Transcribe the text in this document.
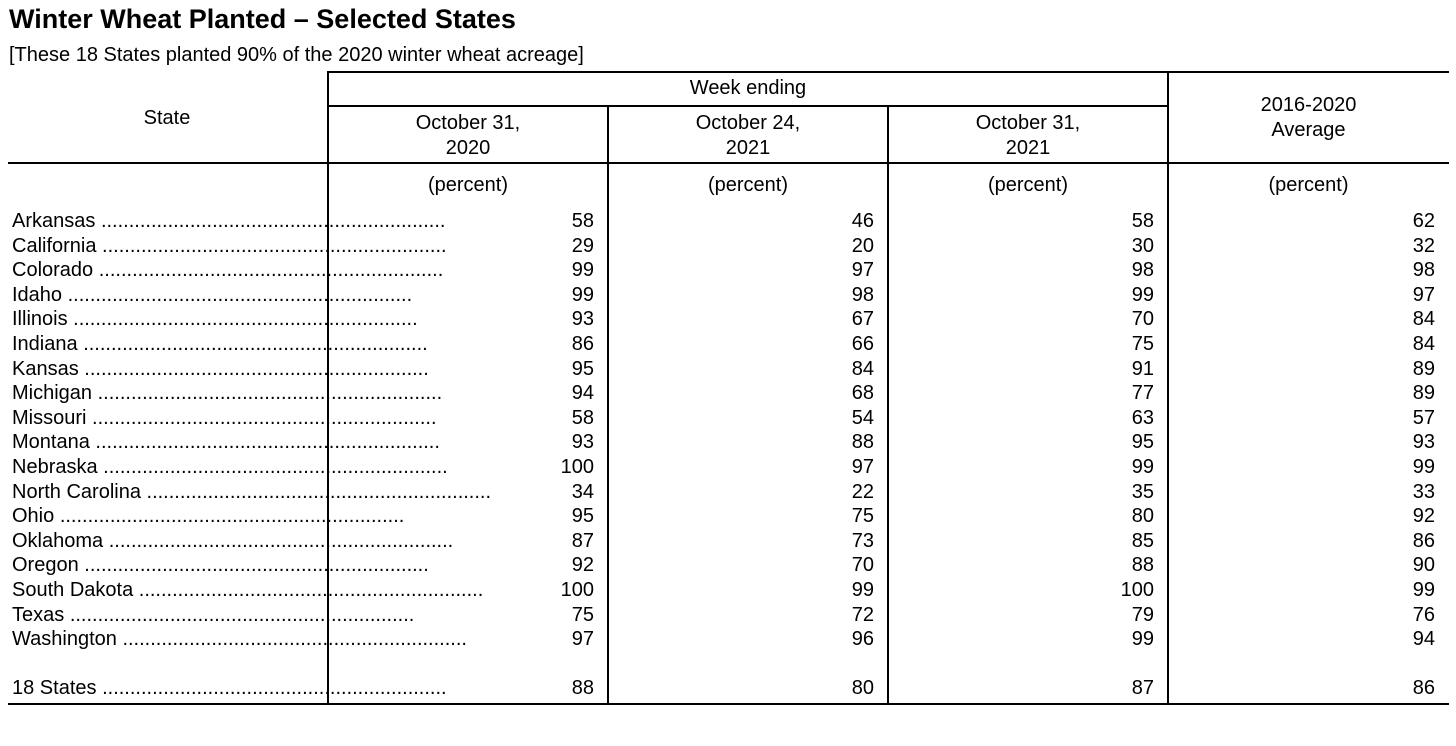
Winter Wheat Planted – Selected States
[These 18 States planted 90% of the 2020 winter wheat acreage]
State
Week ending
October 31,
2020
October 24,
2021
October 31,
2021
2016-2020
Average
(percent)	(percent)	(percent)	(percent)
Arkansas ..............................................................	58	46	58	62
California ..............................................................	29	20	30	32
Colorado ..............................................................	99	97	98	98
Idaho ..............................................................	99	98	99	97
Illinois ..............................................................	93	67	70	84
Indiana ..............................................................	86	66	75	84
Kansas ..............................................................	95	84	91	89
Michigan ..............................................................	94	68	77	89
Missouri ..............................................................	58	54	63	57
Montana ..............................................................	93	88	95	93
Nebraska ..............................................................	100	97	99	99
North Carolina ..............................................................	34	22	35	33
Ohio ..............................................................	95	75	80	92
Oklahoma ..............................................................	87	73	85	86
Oregon ..............................................................	92	70	88	90
South Dakota ..............................................................	100	99	100	99
Texas ..............................................................	75	72	79	76
Washington ..............................................................	97	96	99	94
18 States ..............................................................	88	80	87	86
